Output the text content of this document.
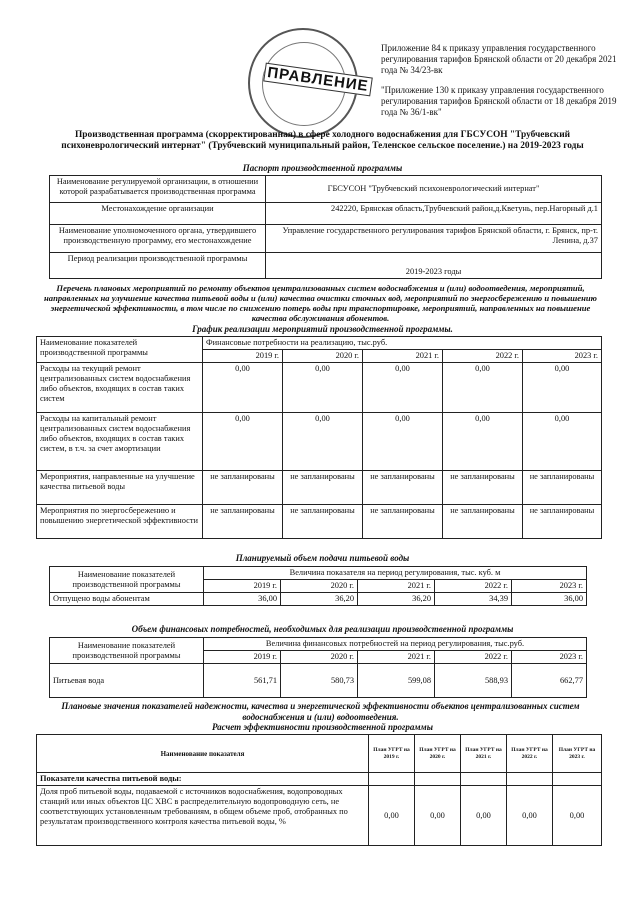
ПРАВЛЕНИЕ

Приложение 84 к приказу управления государственного регулирования тарифов Брянской области от 20 декабря 2021 года № 34/23-вк

"Приложение 130 к приказу управления государственного регулирования тарифов Брянской области от 18 декабря 2019 года № 36/1-вк"

Производственная программа (скорректированная) в сфере холодного водоснабжения для ГБСУСОН "Трубчевский психоневрологический интернат" (Трубчевский муниципальный район, Теленское сельское поселение.) на 2019-2023 годы
Паспорт производственной программы
Наименование регулируемой организации, в отношении которой разрабатывается производственная программа	ГБСУСОН "Трубчевский психоневрологический интернат"
Местонахождение организации	242220, Брянская область,Трубчевский район,д.Кветунь, пер.Нагорный д.1
Наименование уполномоченного органа, утвердившего производственную программу, его местонахождение	Управление государственного регулирования тарифов Брянской области, г. Брянск, пр-т. Ленина, д.37
Период реализации производственной программы	2019-2023 годы
Перечень плановых мероприятий по ремонту объектов централизованных систем водоснабжения и (или) водоотведения, мероприятий, направленных на улучшение качества питьевой воды и (или) качества очистки сточных вод, мероприятий по энергосбережению и повышению энергетической эффективности, в том числе по снижению потерь воды при транспортировке, мероприятий, направленных на повышение качества обслуживания абонентов.
График реализации мероприятий производственной программы.
Наименование показателей производственной программы	Финансовые потребности на реализацию, тыс.руб.				
	2019 г.	2020 г.	2021 г.	2022 г.	2023 г.
Расходы на текущий ремонт централизованных систем водоснабжения либо объектов, входящих в состав таких систем	0,00	0,00	0,00	0,00	0,00
Расходы на капитальный ремонт централизованных систем водоснабжения либо объектов, входящих в состав таких систем, в т.ч. за счет амортизации	0,00	0,00	0,00	0,00	0,00
Мероприятия, направленные на улучшение качества питьевой воды	не запланированы	не запланированы	не запланированы	не запланированы	не запланированы
Мероприятия по энергосбережению и повышению энергетической эффективности	не запланированы	не запланированы	не запланированы	не запланированы	не запланированы
Планируемый объем подачи питьевой воды
Наименование показателей производственной программы	Величина показателя на период регулирования, тыс. куб. м				
	2019 г.	2020 г.	2021 г.	2022 г.	2023 г.
Отпущено воды абонентам	36,00	36,20	36,20	34,39	36,00
Объем финансовых потребностей, необходимых для реализации производственной программы
Наименование показателей производственной программы	Величина финансовых потребностей на период регулирования, тыс.руб.				
	2019 г.	2020 г.	2021 г.	2022 г.	2023 г.
Питьевая вода	561,71	580,73	599,08	588,93	662,77
Плановые значения показателей надежности, качества и энергетической эффективности объектов централизованных систем водоснабжения и (или) водоотведения.
Расчет эффективности производственной программы
Наименование показателя	План УГРТ на 2019 г.	План УГРТ на 2020 г.	План УГРТ на 2021 г.	План УГРТ на 2022 г.	План УГРТ на 2023 г.
Показатели качества питьевой воды:					
Доля проб питьевой воды, подаваемой с источников водоснабжения, водопроводных станций или иных объектов ЦС ХВС в распределительную водопроводную сеть, не соответствующих установленным требованиям, в общем объеме проб, отобранных по результатам производственного контроля качества питьевой воды, %	0,00	0,00	0,00	0,00	0,00
